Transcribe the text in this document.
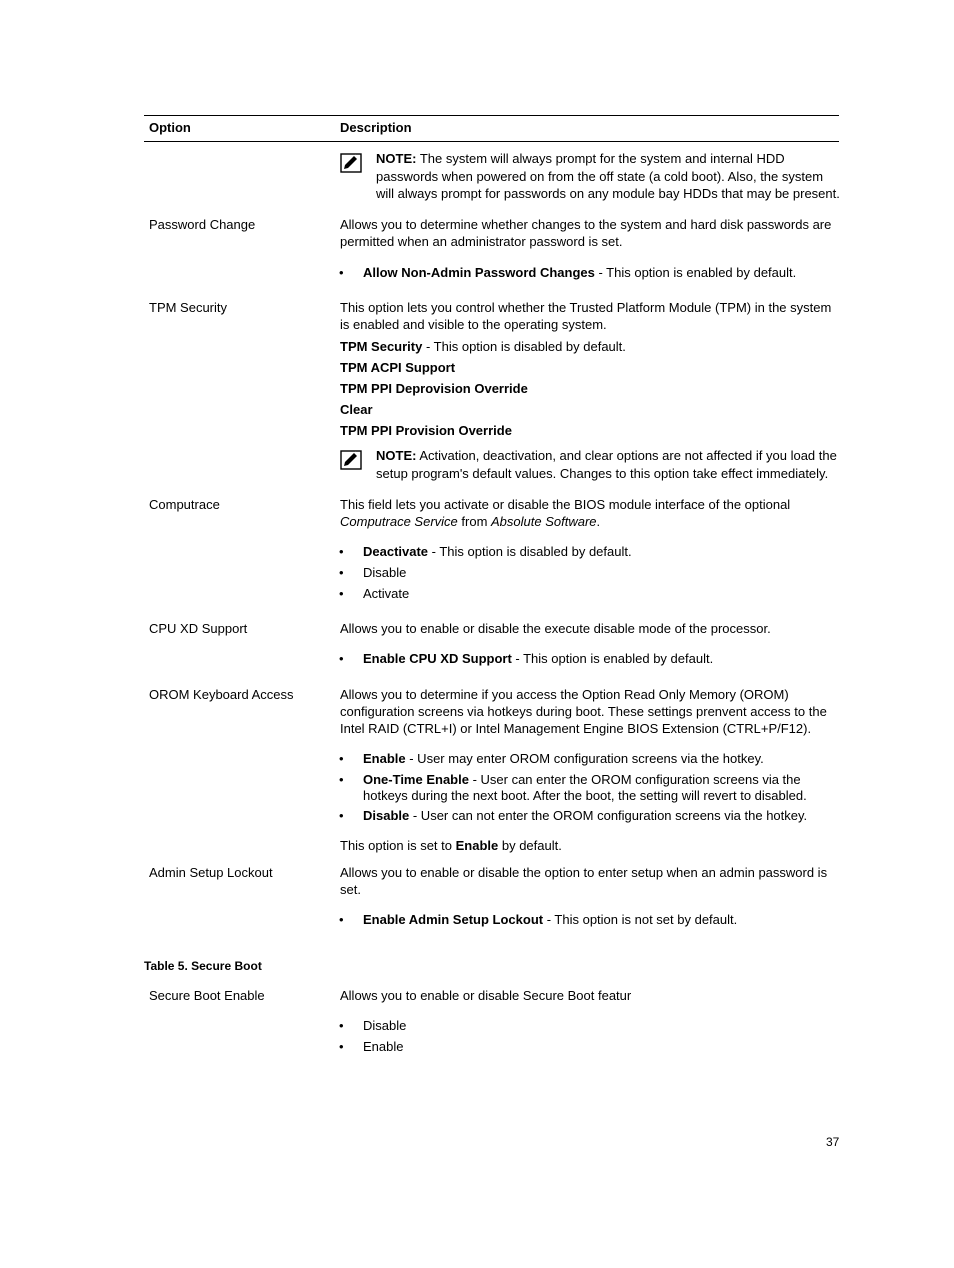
Option	Description
NOTE: The system will always prompt for the system and internal HDD passwords when powered on from the off state (a cold boot). Also, the system will always prompt for passwords on any module bay HDDs that may be present.
Password Change	Allows you to determine whether changes to the system and hard disk passwords are permitted when an administrator password is set.
• Allow Non-Admin Password Changes - This option is enabled by default.
TPM Security	This option lets you control whether the Trusted Platform Module (TPM) in the system is enabled and visible to the operating system.
TPM Security - This option is disabled by default.
TPM ACPI Support
TPM PPI Deprovision Override
Clear
TPM PPI Provision Override
NOTE: Activation, deactivation, and clear options are not affected if you load the setup program's default values. Changes to this option take effect immediately.
Computrace	This field lets you activate or disable the BIOS module interface of the optional Computrace Service from Absolute Software.
• Deactivate - This option is disabled by default.
• Disable
• Activate
CPU XD Support	Allows you to enable or disable the execute disable mode of the processor.
• Enable CPU XD Support - This option is enabled by default.
OROM Keyboard Access	Allows you to determine if you access the Option Read Only Memory (OROM) configuration screens via hotkeys during boot. These settings prenvent access to the Intel RAID (CTRL+I) or Intel Management Engine BIOS Extension (CTRL+P/F12).
• Enable - User may enter OROM configuration screens via the hotkey.
• One-Time Enable - User can enter the OROM configuration screens via the hotkeys during the next boot. After the boot, the setting will revert to disabled.
• Disable - User can not enter the OROM configuration screens via the hotkey.
This option is set to Enable by default.
Admin Setup Lockout	Allows you to enable or disable the option to enter setup when an admin password is set.
• Enable Admin Setup Lockout - This option is not set by default.
Table 5. Secure Boot
Secure Boot Enable	Allows you to enable or disable Secure Boot featur
• Disable
• Enable
37
